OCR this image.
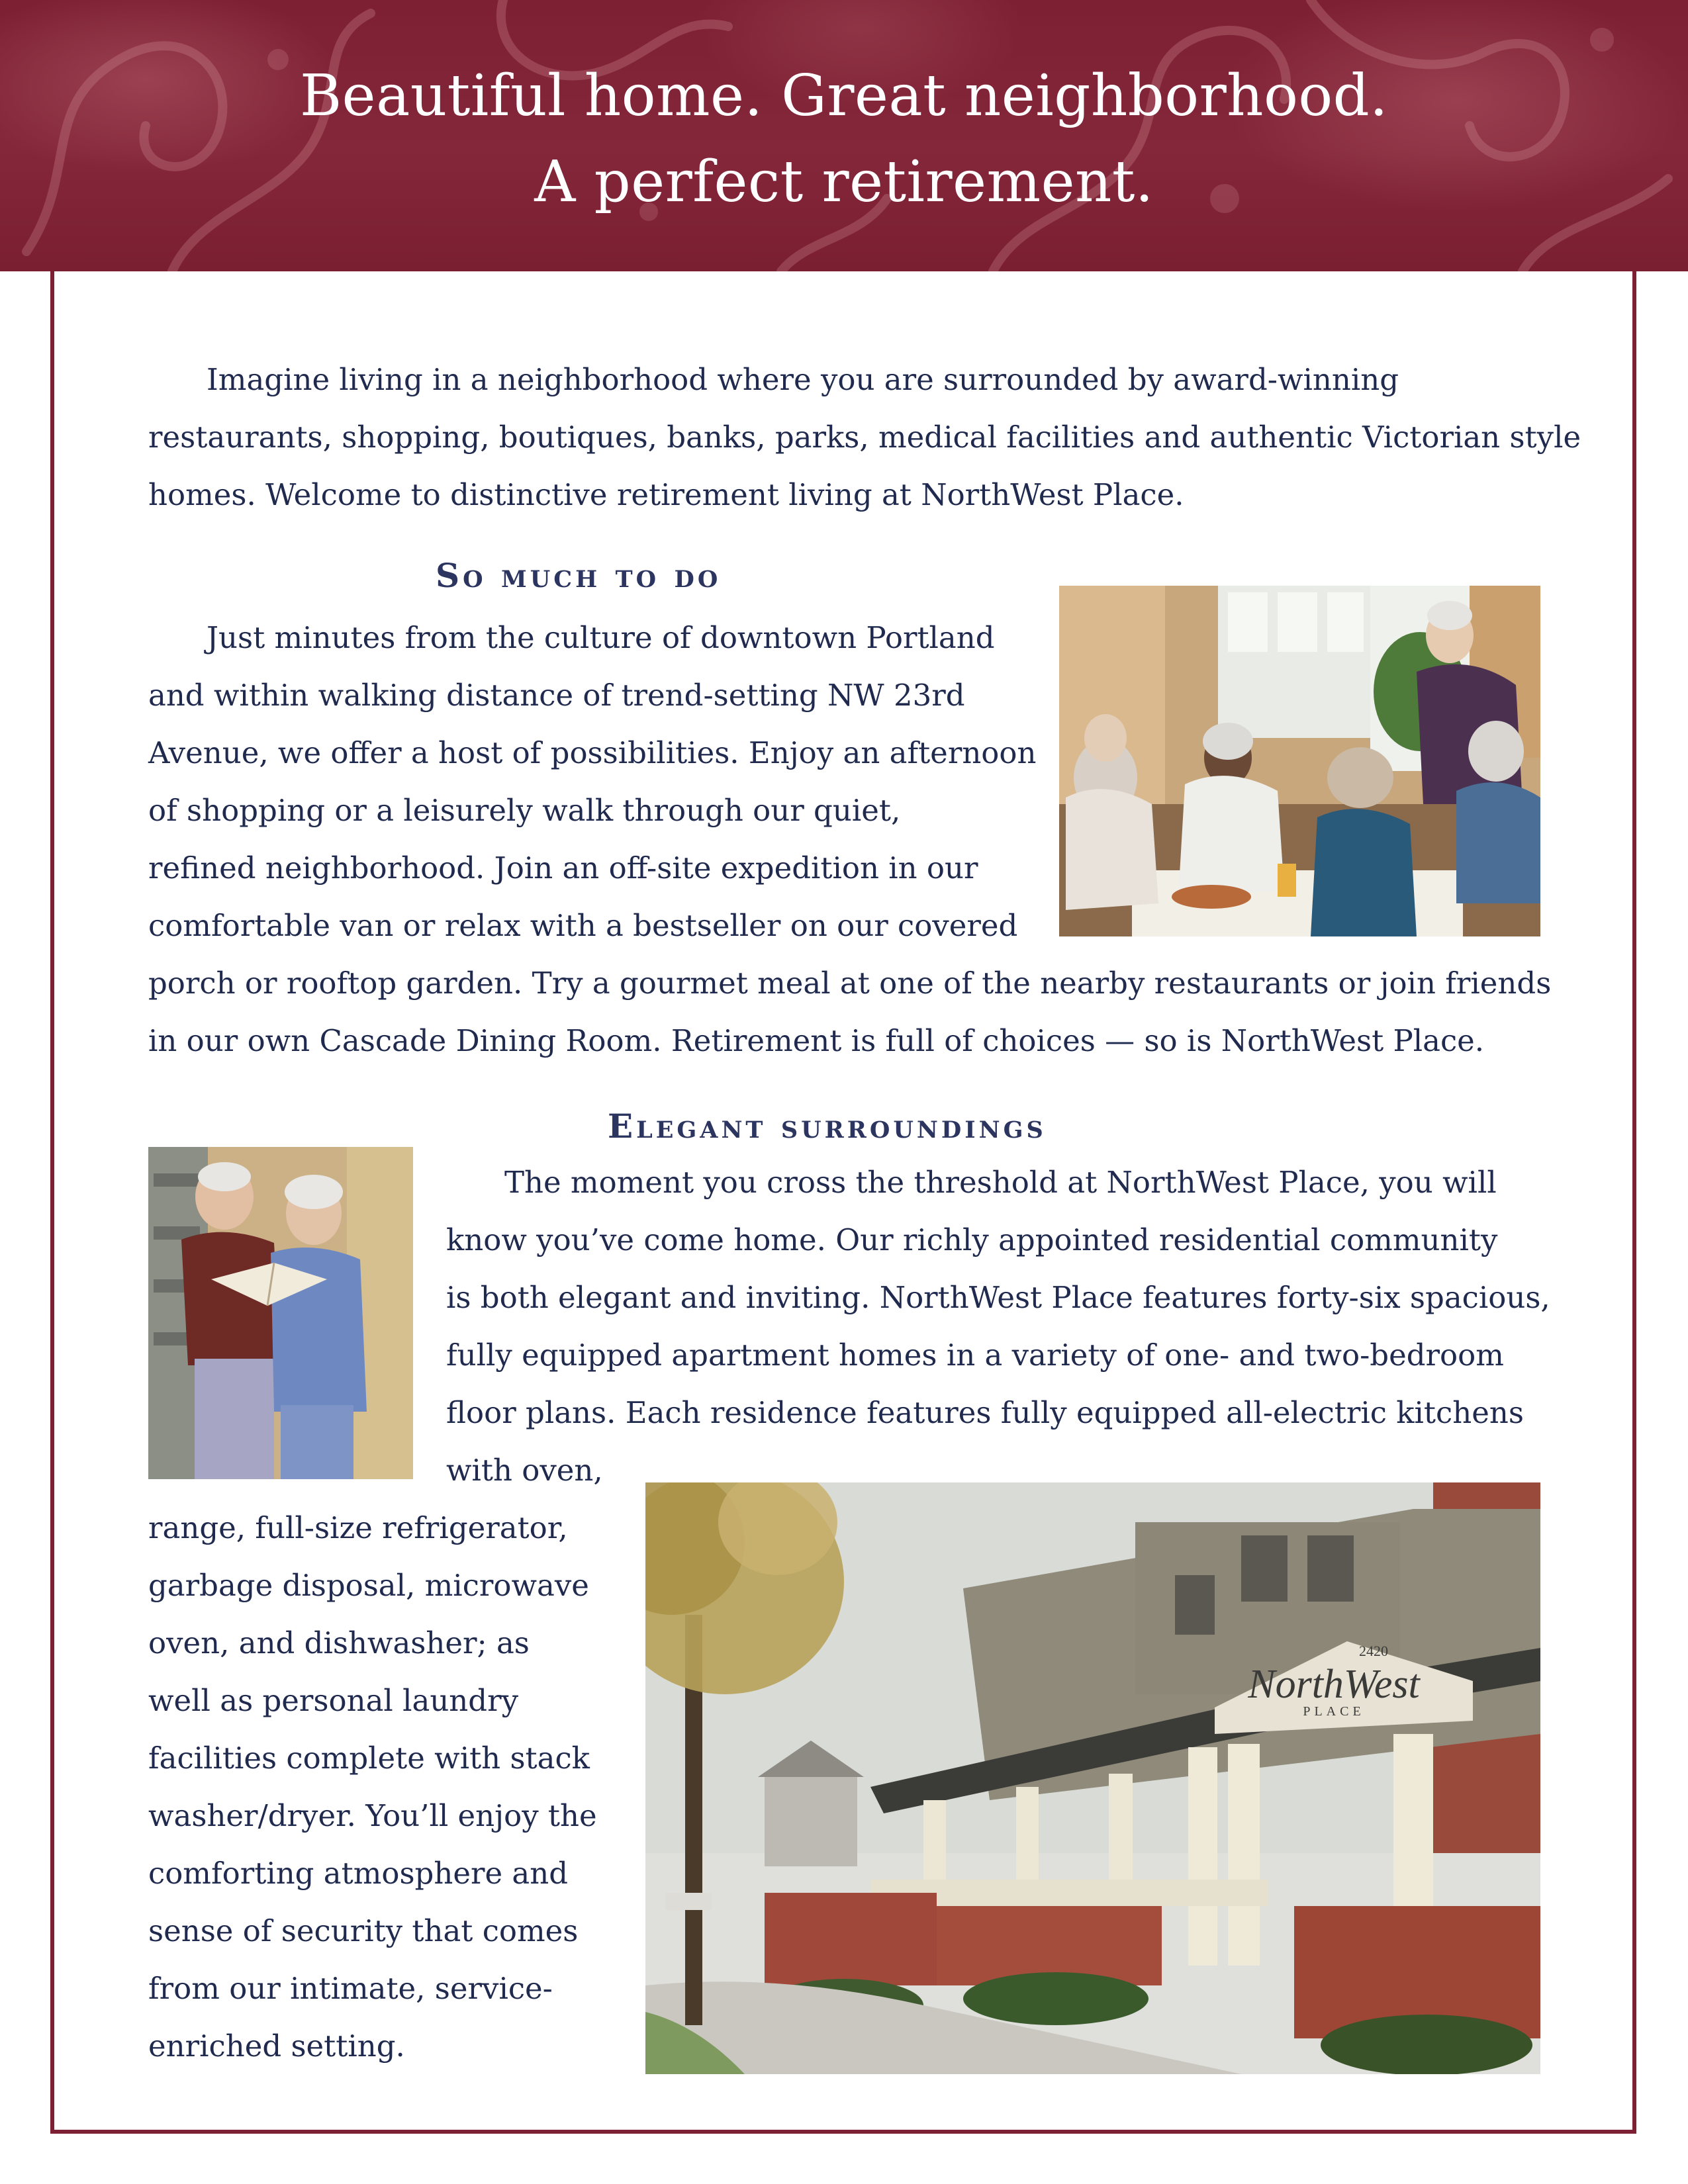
Beautiful home. Great neighborhood.
A perfect retirement.

Imagine living in a neighborhood where you are surrounded by award-winning

restaurants, shopping, boutiques, banks, parks, medical facilities and authentic Victorian style

homes. Welcome to distinctive retirement living at NorthWest Place.

So much to do

Just minutes from the culture of downtown Portland

and within walking distance of trend-setting NW 23rd

Avenue, we offer a host of possibilities. Enjoy an afternoon

of shopping or a leisurely walk through our quiet,

refined neighborhood. Join an off-site expedition in our

comfortable van or relax with a bestseller on our covered

porch or rooftop garden. Try a gourmet meal at one of the nearby restaurants or join friends

in our own Cascade Dining Room. Retirement is full of choices — so is NorthWest Place.

Elegant surroundings

The moment you cross the threshold at NorthWest Place, you will

know you’ve come home. Our richly appointed residential community

is both elegant and inviting. NorthWest Place features forty-six spacious,

fully equipped apartment homes in a variety of one- and two-bedroom

floor plans. Each residence features fully equipped all-electric kitchens

with oven,

range, full-size refrigerator,

garbage disposal, microwave

oven, and dishwasher; as

well as personal laundry

facilities complete with stack

washer/dryer. You’ll enjoy the

comforting atmosphere and

sense of security that comes

from our intimate, service-

enriched setting.

NorthWest
PLACE
2420
